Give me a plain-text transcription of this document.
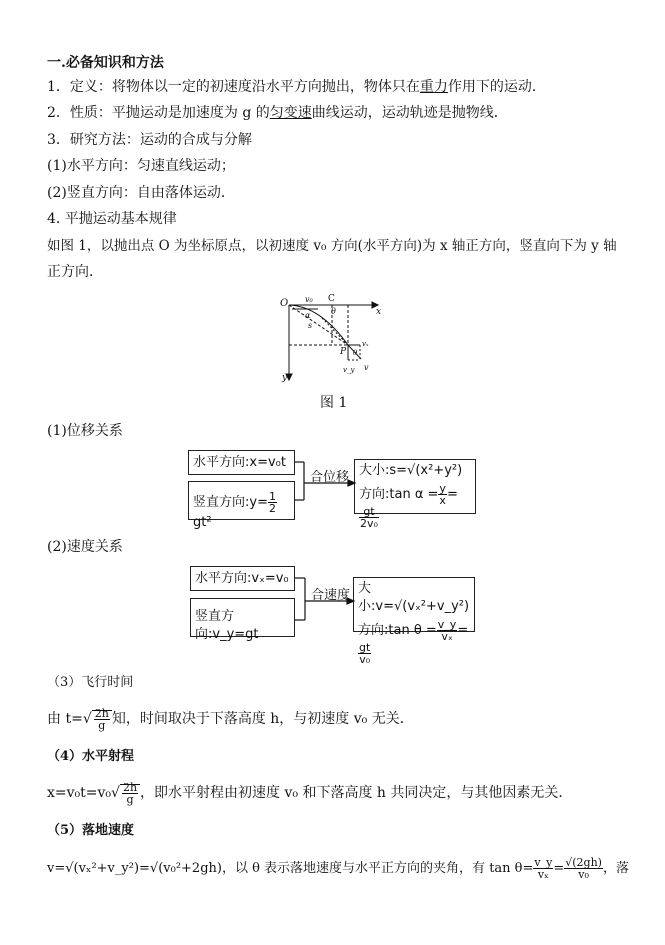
一.必备知识和方法
1．定义：将物体以一定的初速度沿水平方向抛出，物体只在重力作用下的运动．
2．性质：平抛运动是加速度为 g 的匀变速曲线运动，运动轨迹是抛物线．
3．研究方法：运动的合成与分解
(1)水平方向：匀速直线运动；
(2)竖直方向：自由落体运动．
4. 平抛运动基本规律
如图 1，以抛出点 O 为坐标原点，以初速度 v₀ 方向(水平方向)为 x 轴正方向，竖直向下为 y 轴
正方向．
O v₀ C
x
α	θ
s
P
vₓ
θ
v_y v
y
图 1
(1)位移关系
水平方向:x=v₀t
竖直方向:y= $\frac{1}{2}$
gt²
合位移 大小:s=√(x²+y²)
方向:tan $\alpha = \frac{y}{x}$ =
$\frac{gt}{\text{2v₀}}$
(2)速度关系
水平方向:vₓ=v₀
竖直方向:v_y=gt
合速度 大小:v=√(vₓ²+v_y²)
方向:tan $\theta = \frac{v\_y}{\text{vₓ}}$ =
$\frac{gt}{\text{v₀}}$
（3）飞行时间
由 $t=√ \frac{2h}{g}$ 知，时间取决于下落高度 h，与初速度 v₀ 无关．
（4）水平射程
$x=v_0t=v_0√ \frac{2h}{g}$ ，即水平射程由初速度 v₀ 和下落高度 h 共同决定，与其他因素无关．
（5）落地速度
v=√(vₓ²+v_y²)=√(v₀²+2gh)，以 θ 表示落地速度与水平正方向的夹角，有 $\tan \theta= \frac{v\_y}{\text{vₓ}} = \frac{√(2gh)}{\text{v₀}}$ ，落
